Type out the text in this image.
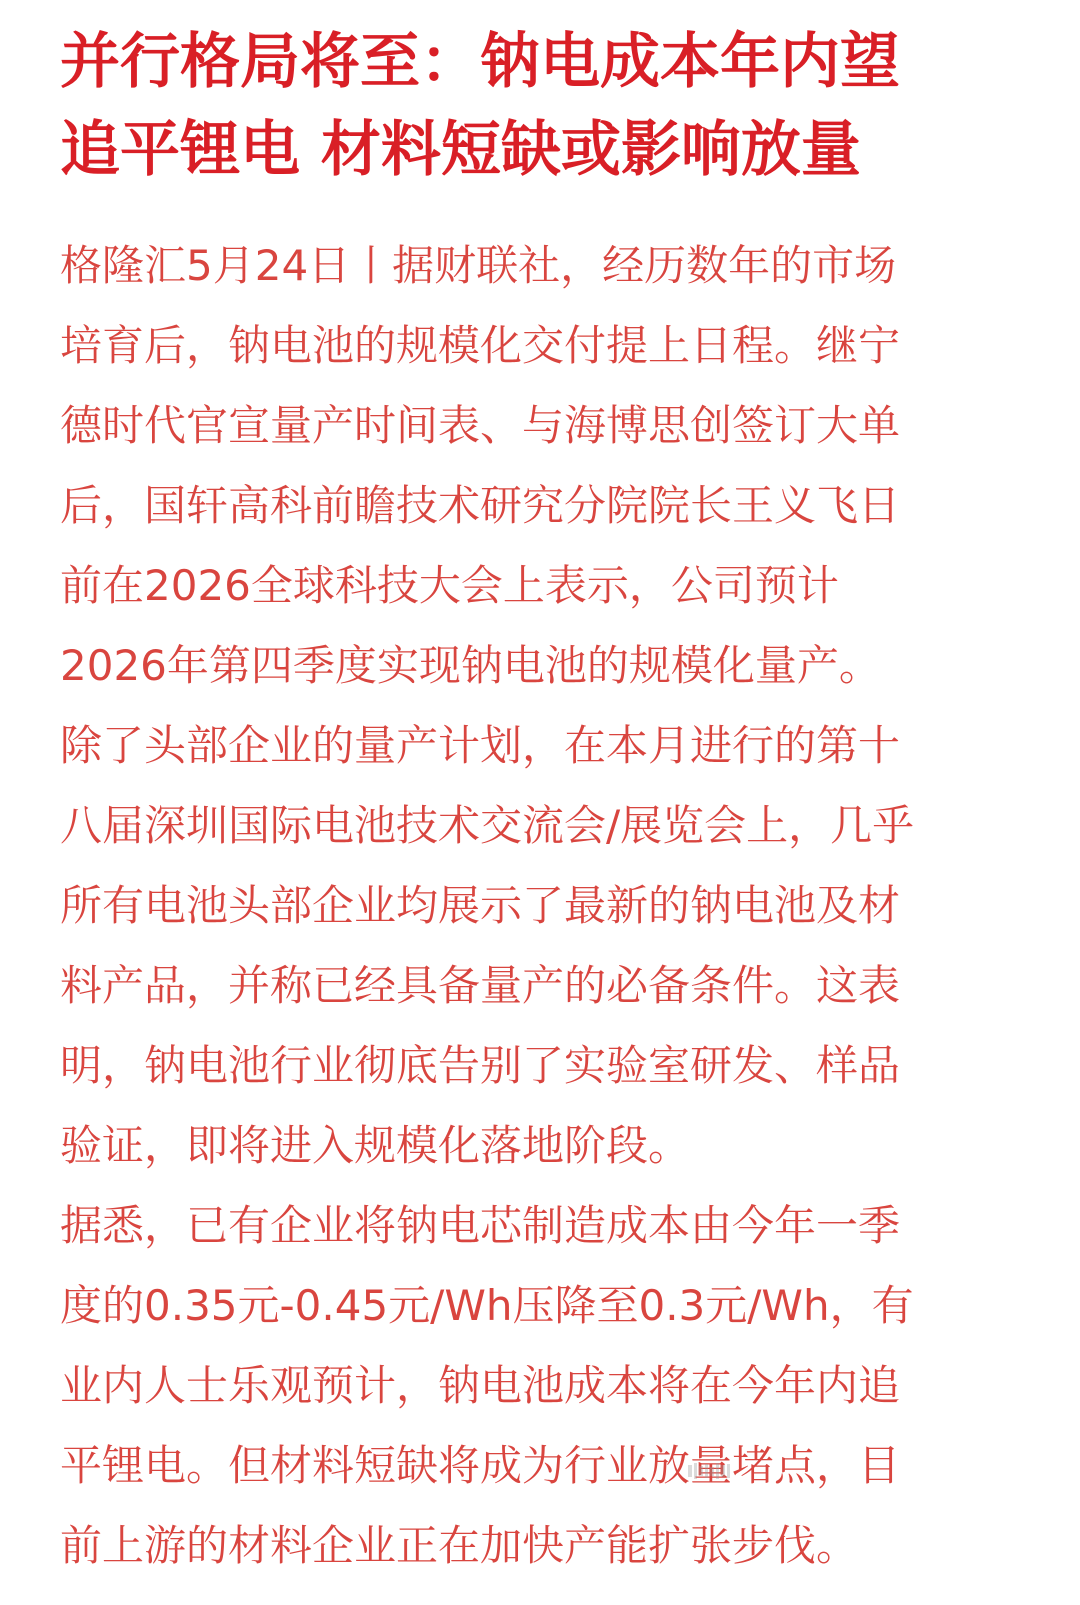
并行格局将至：钠电成本年内望
追平锂电 材料短缺或影响放量
格隆汇5月24日丨据财联社，经历数年的市场
培育后，钠电池的规模化交付提上日程。继宁
德时代官宣量产时间表、与海博思创签订大单
后，国轩高科前瞻技术研究分院院长王义飞日
前在2026全球科技大会上表示，公司预计
2026年第四季度实现钠电池的规模化量产。
除了头部企业的量产计划，在本月进行的第十
八届深圳国际电池技术交流会/展览会上，几乎
所有电池头部企业均展示了最新的钠电池及材
料产品，并称已经具备量产的必备条件。这表
明，钠电池行业彻底告别了实验室研发、样品
验证，即将进入规模化落地阶段。
据悉，已有企业将钠电芯制造成本由今年一季
度的0.35元-0.45元/Wh压降至0.3元/Wh，有
业内人士乐观预计，钠电池成本将在今年内追
平锂电。但材料短缺将成为行业放量堵点，目
前上游的材料企业正在加快产能扩张步伐。
